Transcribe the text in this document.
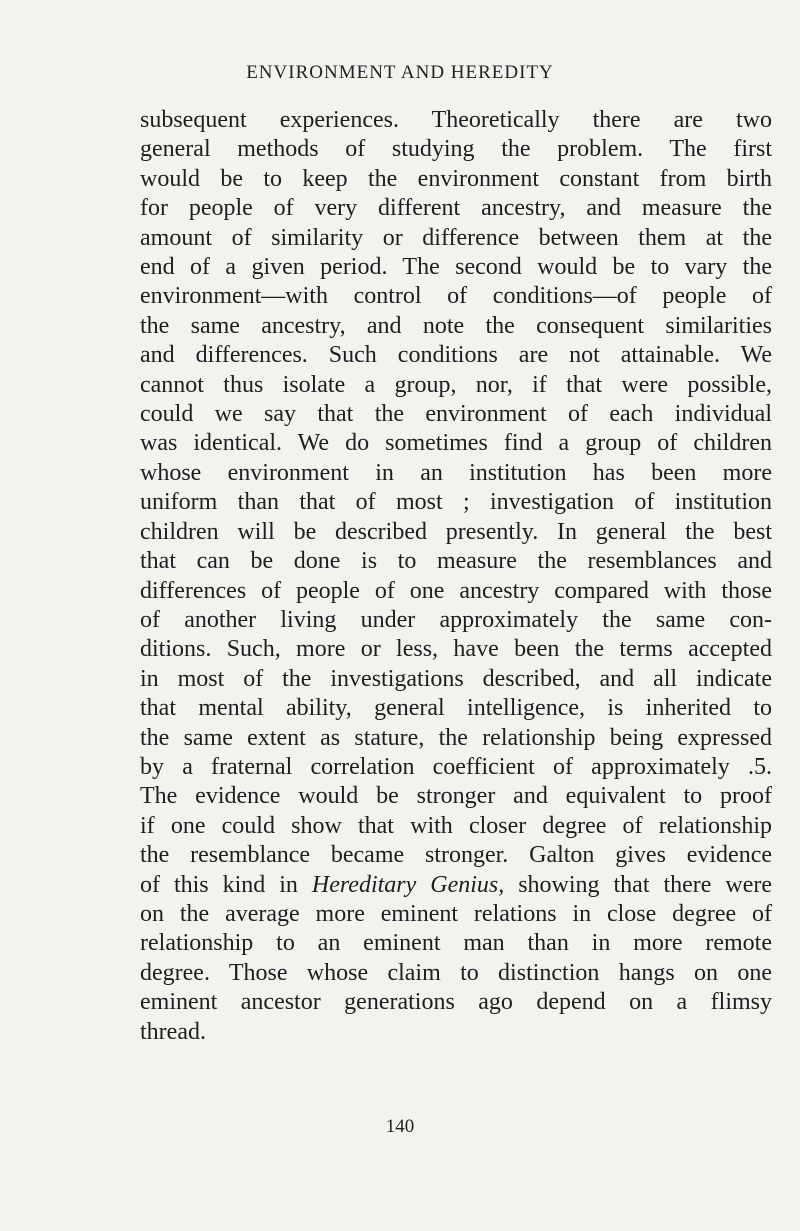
ENVIRONMENT AND HEREDITY
subsequent experiences. Theoretically there are two
general methods of studying the problem. The first
would be to keep the environment constant from birth
for people of very different ancestry, and measure the
amount of similarity or difference between them at the
end of a given period. The second would be to vary the
environment—with control of conditions—of people of
the same ancestry, and note the consequent similarities
and differences. Such conditions are not attainable. We
cannot thus isolate a group, nor, if that were possible,
could we say that the environment of each individual
was identical. We do sometimes find a group of children
whose environment in an institution has been more
uniform than that of most ; investigation of institution
children will be described presently. In general the best
that can be done is to measure the resemblances and
differences of people of one ancestry compared with those
of another living under approximately the same con-
ditions. Such, more or less, have been the terms accepted
in most of the investigations described, and all indicate
that mental ability, general intelligence, is inherited to
the same extent as stature, the relationship being expressed
by a fraternal correlation coefficient of approximately .5.
The evidence would be stronger and equivalent to proof
if one could show that with closer degree of relationship
the resemblance became stronger. Galton gives evidence
of this kind in Hereditary Genius, showing that there were
on the average more eminent relations in close degree of
relationship to an eminent man than in more remote
degree. Those whose claim to distinction hangs on one
eminent ancestor generations ago depend on a flimsy
thread.
140
